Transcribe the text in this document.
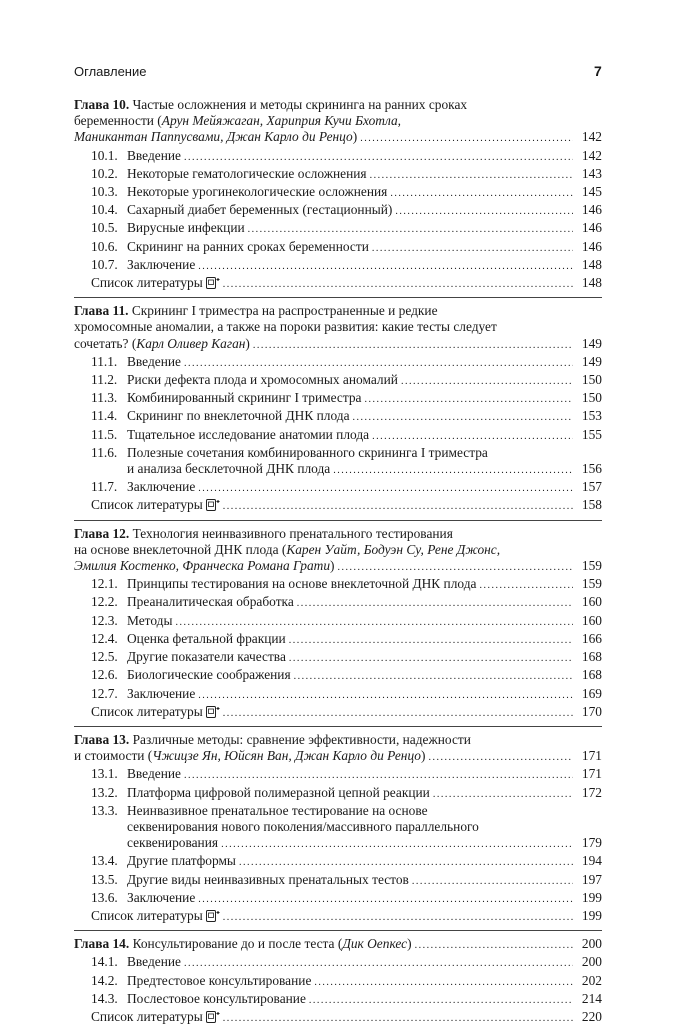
Оглавление	7
Глава 10. Частые осложнения и методы скрининга на ранних сроках
беременности (Арун Мейяжаган, Хариприя Кучи Бхотла,
Маникантан Паппусвами, Джан Карло ди Ренцо) . . .	142
10.1. Введение . . .	142
10.2. Некоторые гематологические осложнения . . .	143
10.3. Некоторые урогинекологические осложнения . . .	145
10.4. Сахарный диабет беременных (гестационный) . . .	146
10.5. Вирусные инфекции . . .	146
10.6. Скрининг на ранних сроках беременности . . .	146
10.7. Заключение . . .	148
Список литературы . . .	148
Глава 11. Скрининг I триместра на распространенные и редкие
хромосомные аномалии, а также на пороки развития: какие тесты следует
сочетать? (Карл Оливер Каган) . . .	149
11.1. Введение . . .	149
11.2. Риски дефекта плода и хромосомных аномалий . . .	150
11.3. Комбинированный скрининг I триместра . . .	150
11.4. Скрининг по внеклеточной ДНК плода . . .	153
11.5. Тщательное исследование анатомии плода . . .	155
11.6. Полезные сочетания комбинированного скрининга I триместра
и анализа бесклеточной ДНК плода . . .	156
11.7. Заключение . . .	157
Список литературы . . .	158
Глава 12. Технология неинвазивного пренатального тестирования
на основе внеклеточной ДНК плода (Карен Уайт, Бодуэн Су, Рене Джонс,
Эмилия Костенко, Франческа Романа Грати) . . .	159
12.1. Принципы тестирования на основе внеклеточной ДНК плода . . .	159
12.2. Преаналитическая обработка . . .	160
12.3. Методы . . .	160
12.4. Оценка фетальной фракции . . .	166
12.5. Другие показатели качества . . .	168
12.6. Биологические соображения . . .	168
12.7. Заключение . . .	169
Список литературы . . .	170
Глава 13. Различные методы: сравнение эффективности, надежности
и стоимости (Чжицзе Ян, Юйсян Ван, Джан Карло ди Ренцо) . . .	171
13.1. Введение . . .	171
13.2. Платформа цифровой полимеразной цепной реакции . . .	172
13.3. Неинвазивное пренатальное тестирование на основе
секвенирования нового поколения/массивного параллельного
секвенирования . . .	179
13.4. Другие платформы . . .	194
13.5. Другие виды неинвазивных пренатальных тестов . . .	197
13.6. Заключение . . .	199
Список литературы . . .	199
Глава 14. Консультирование до и после теста (Дик Оепкес) . . .	200
14.1. Введение . . .	200
14.2. Предтестовое консультирование . . .	202
14.3. Послестовое консультирование . . .	214
Список литературы . . .	220
